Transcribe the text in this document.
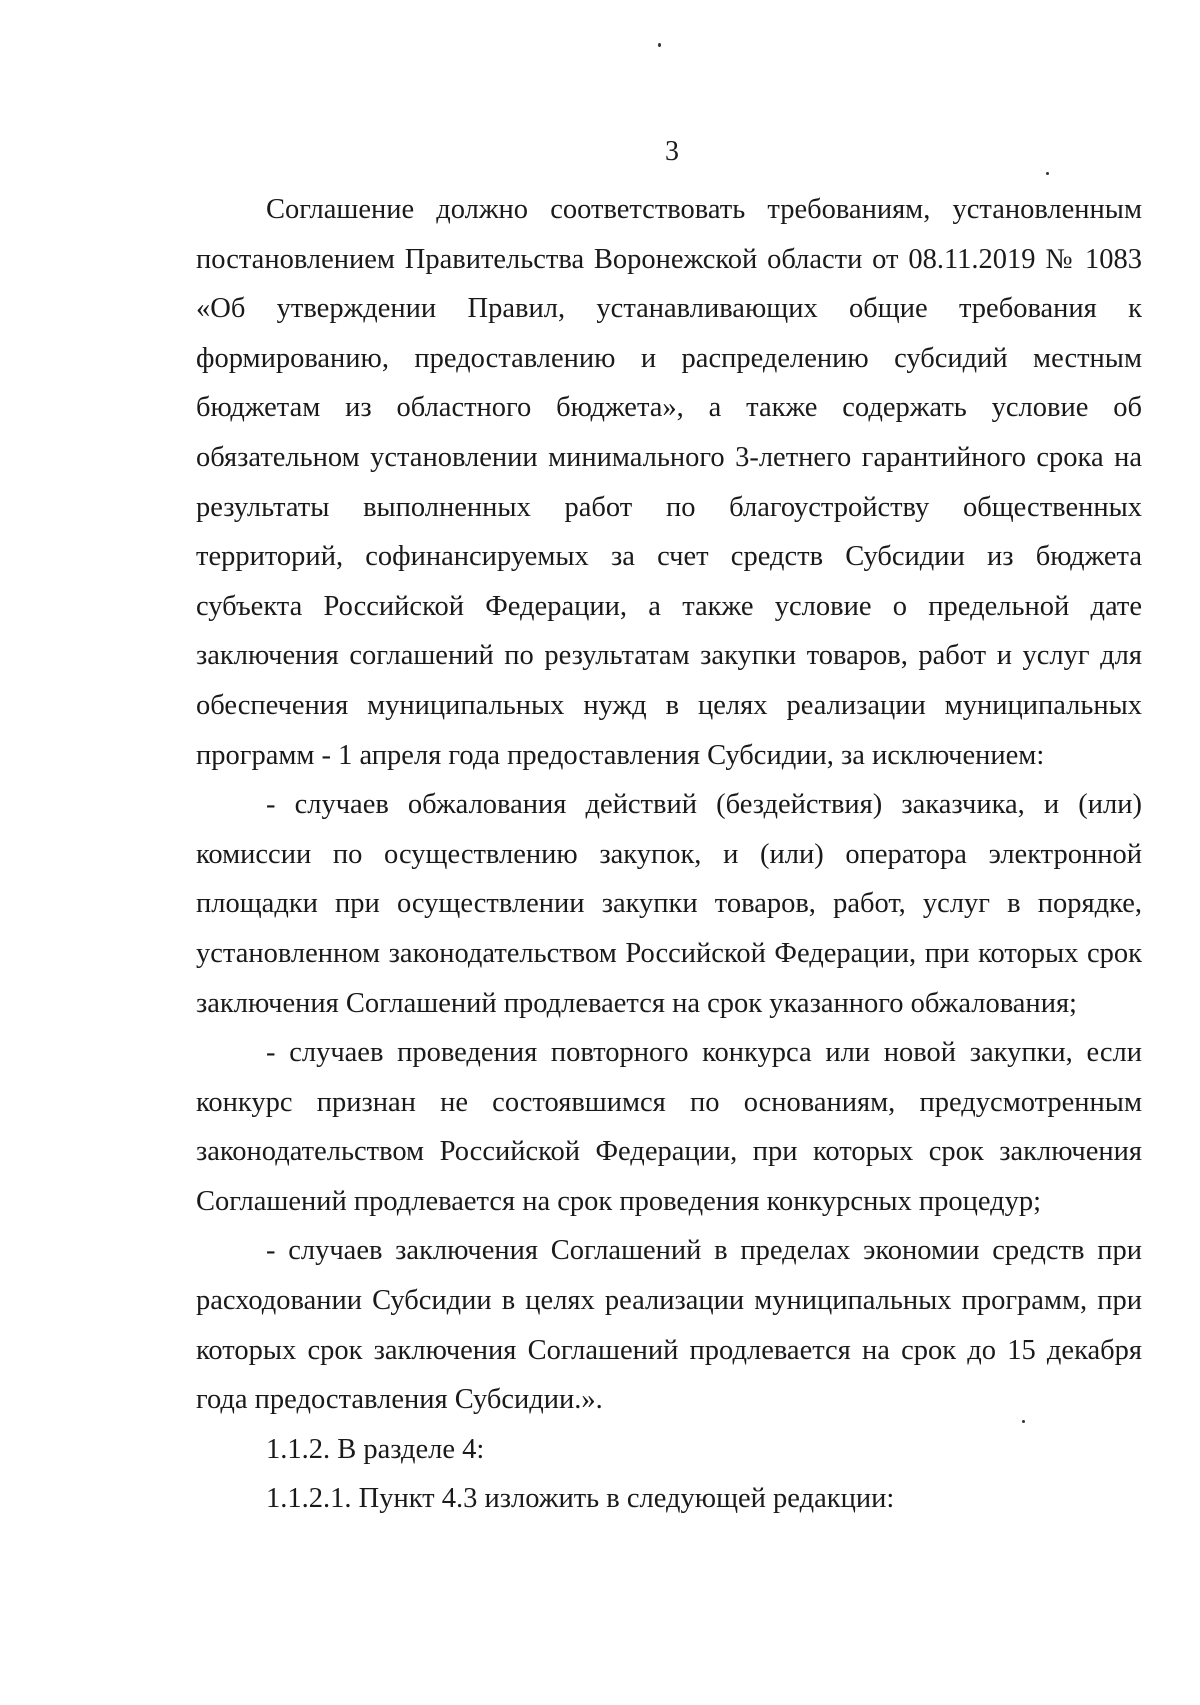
3

Соглашение должно соответствовать требованиям, установленным постановлением Правительства Воронежской области от 08.11.2019 № 1083 «Об утверждении Правил, устанавливающих общие требования к формированию, предоставлению и распределению субсидий местным бюджетам из областного бюджета», а также содержать условие об обязательном установлении минимального 3-летнего гарантийного срока на результаты выполненных работ по благоустройству общественных территорий, софинансируемых за счет средств Субсидии из бюджета субъекта Российской Федерации, а также условие о предельной дате заключения соглашений по результатам закупки товаров, работ и услуг для обеспечения муниципальных нужд в целях реализации муниципальных программ - 1 апреля года предоставления Субсидии, за исключением:

- случаев обжалования действий (бездействия) заказчика, и (или) комиссии по осуществлению закупок, и (или) оператора электронной площадки при осуществлении закупки товаров, работ, услуг в порядке, установленном законодательством Российской Федерации, при которых срок заключения Соглашений продлевается на срок указанного обжалования;

- случаев проведения повторного конкурса или новой закупки, если конкурс признан не состоявшимся по основаниям, предусмотренным законодательством Российской Федерации, при которых срок заключения Соглашений продлевается на срок проведения конкурсных процедур;

- случаев заключения Соглашений в пределах экономии средств при расходовании Субсидии в целях реализации муниципальных программ, при которых срок заключения Соглашений продлевается на срок до 15 декабря года предоставления Субсидии.».

1.1.2. В разделе 4:

1.1.2.1. Пункт 4.3 изложить в следующей редакции:
